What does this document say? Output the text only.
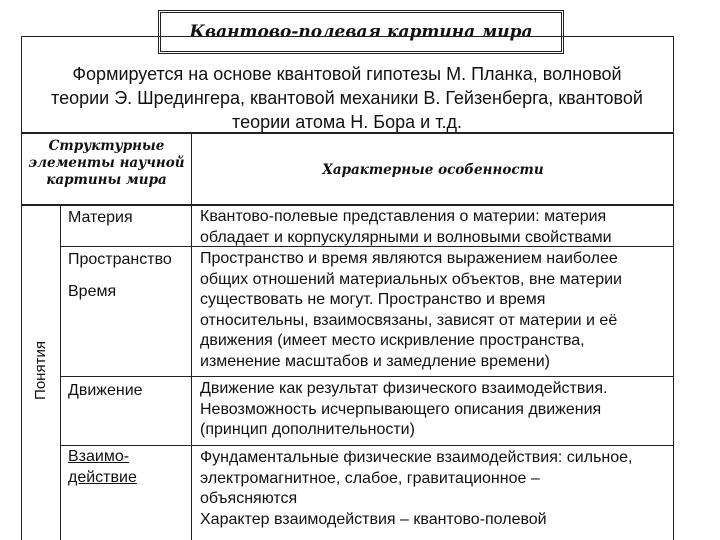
Квантово-полевая картина мира
Формируется на основе квантовой гипотезы М. Планка, волновой
теории Э. Шредингера, квантовой механики В. Гейзенберга, квантовой
теории атома Н. Бора и т.д.
Структурные
элементы научной
картины мира
Характерные особенности
Понятия
Материя	Квантово-полевые представления о материи: материя
обладает и корпускулярными и волновыми свойствами
Пространство
Время
Пространство и время являются выражением наиболее
общих отношений материальных объектов, вне материи
существовать не могут. Пространство и время
относительны, взаимосвязаны, зависят от материи и её
движения (имеет место искривление пространства,
изменение масштабов и замедление времени)
Движение	Движение как результат физического взаимодействия.
Невозможность исчерпывающего описания движения
(принцип дополнительности)
Взаимо-
действие
Фундаментальные физические взаимодействия: сильное,
электромагнитное, слабое, гравитационное –
объясняются
Характер взаимодействия – квантово-полевой
